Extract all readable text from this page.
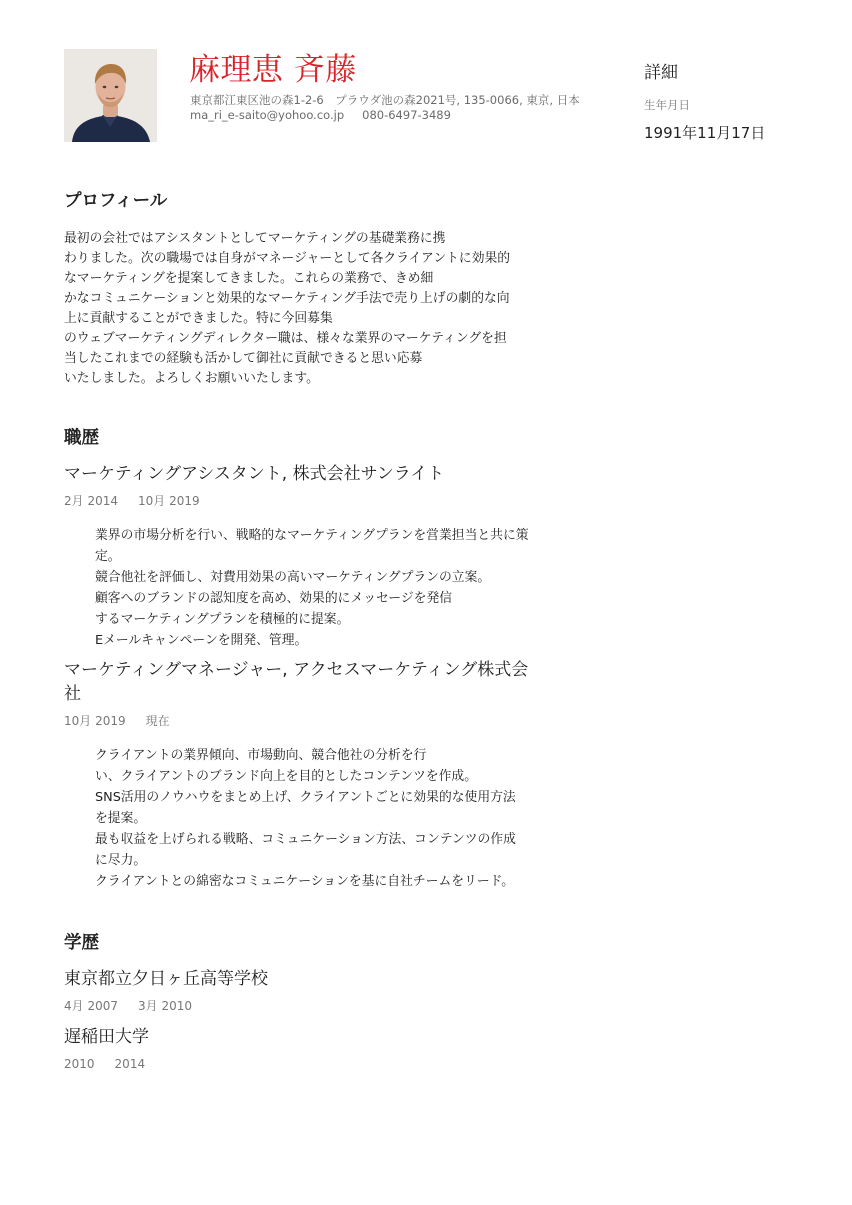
麻理恵 斉藤
東京都江東区池の森1-2-6　プラウダ池の森2021号, 135-0066, 東京, 日本
ma_ri_e-saito@yohoo.co.jp 080-6497-3489
詳細
生年月日
1991年11月17日
プロフィール
最初の会社ではアシスタントとしてマーケティングの基礎業務に携
わりました。次の職場では自身がマネージャーとして各クライアントに効果的
なマーケティングを提案してきました。これらの業務で、きめ細
かなコミュニケーションと効果的なマーケティング手法で売り上げの劇的な向
上に貢献することができました。特に今回募集
のウェブマーケティングディレクター職は、様々な業界のマーケティングを担
当したこれまでの経験も活かして御社に貢献できると思い応募
いたしました。よろしくお願いいたします。
職歴
マーケティングアシスタント, 株式会社サンライト
2月 2014 10月 2019
業界の市場分析を行い、戦略的なマーケティングプランを営業担当と共に策
定。
競合他社を評価し、対費用効果の高いマーケティングプランの立案。
顧客へのブランドの認知度を高め、効果的にメッセージを発信
するマーケティングプランを積極的に提案。
Eメールキャンペーンを開発、管理。
マーケティングマネージャー, アクセスマーケティング株式会
社
10月 2019 現在
クライアントの業界傾向、市場動向、競合他社の分析を行
い、クライアントのブランド向上を目的としたコンテンツを作成。
SNS活用のノウハウをまとめ上げ、クライアントごとに効果的な使用方法
を提案。
最も収益を上げられる戦略、コミュニケーション方法、コンテンツの作成
に尽力。
クライアントとの綿密なコミュニケーションを基に自社チームをリード。
学歴
東京都立夕日ヶ丘高等学校
4月 2007 3月 2010
遅稲田大学
2010 2014
